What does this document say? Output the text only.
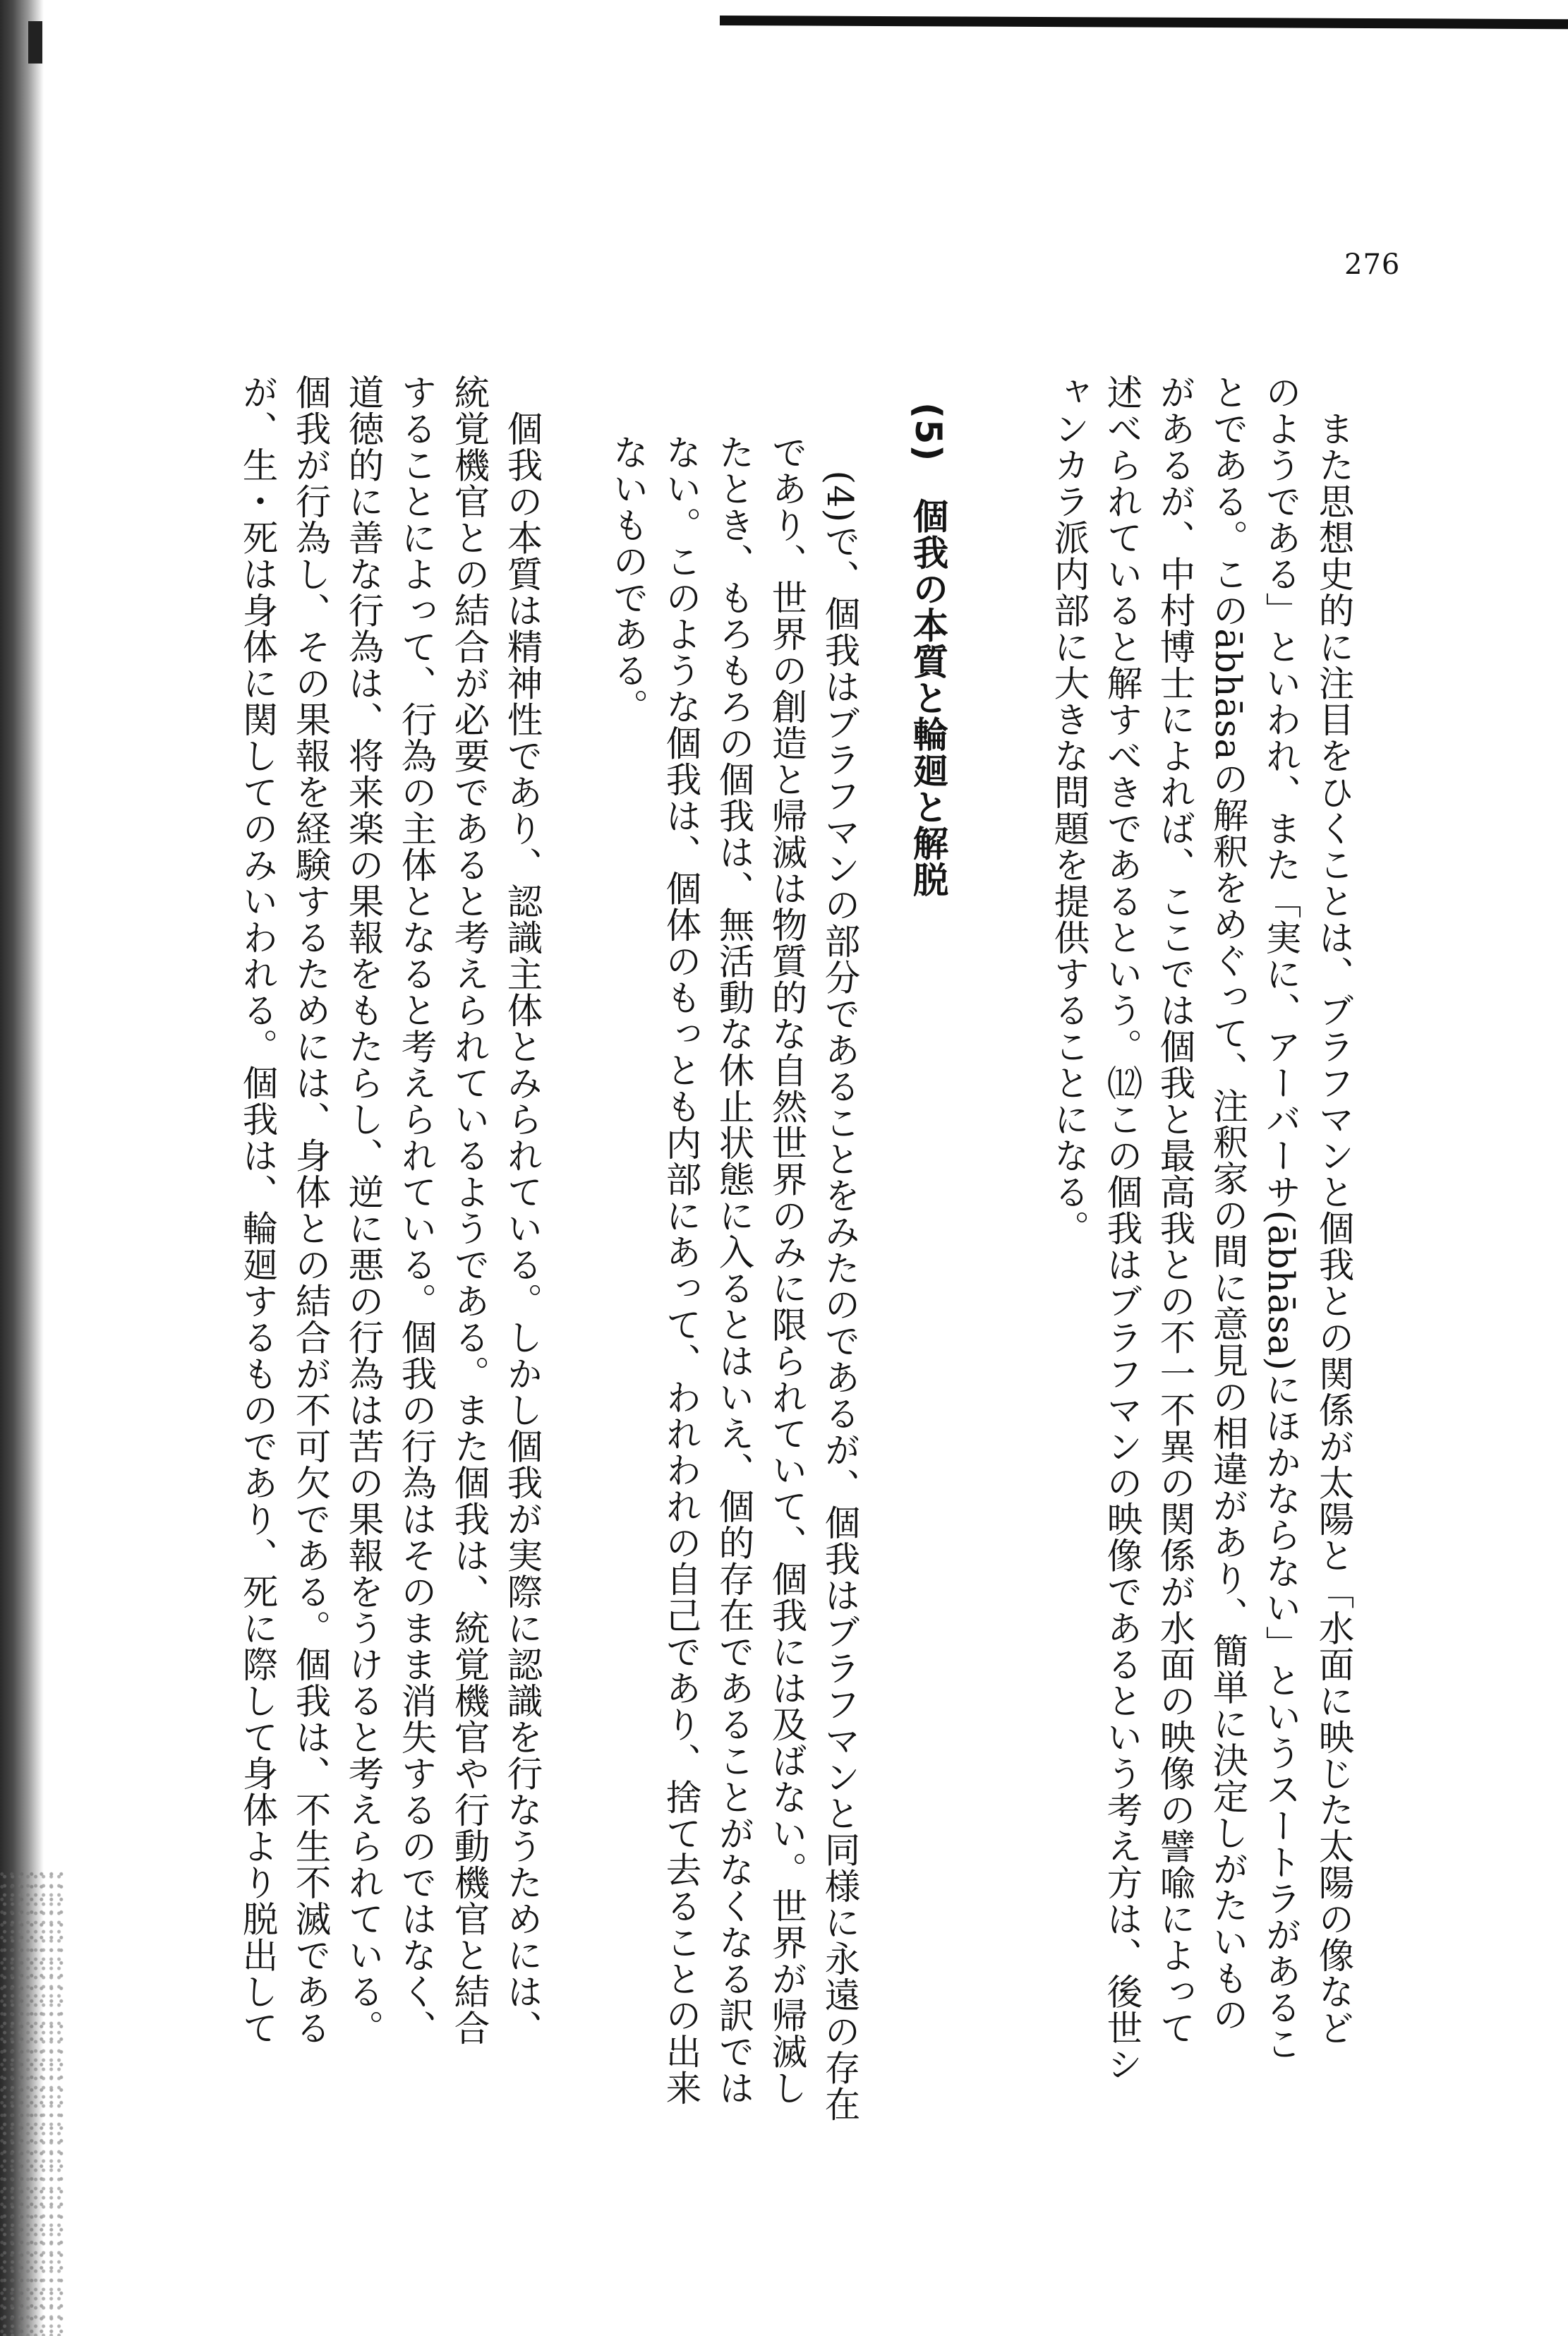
276
　また思想史的に注目をひくことは、ブラフマンと個我との関係が太陽と「水面に映じた太陽の像など
のようである」といわれ、また「実に、アーバーサ(ābhāsa)にほかならない」というスートラがあるこ
とである。このābhāsaの解釈をめぐって、注釈家の間に意見の相違があり、簡単に決定しがたいもの
があるが、中村博士によれば、ここでは個我と最高我との不一不異の関係が水面の映像の譬喩によって
述べられていると解すべきであるという。⑿この個我はブラフマンの映像であるという考え方は、後世シ
ャンカラ派内部に大きな問題を提供することになる。
(5)　個我の本質と輪廻と解脱
　(4)で、個我はブラフマンの部分であることをみたのであるが、個我はブラフマンと同様に永遠の存在
であり、世界の創造と帰滅は物質的な自然世界のみに限られていて、個我には及ばない。世界が帰滅し
たとき、もろもろの個我は、無活動な休止状態に入るとはいえ、個的存在であることがなくなる訳では
ない。このような個我は、個体のもっとも内部にあって、われわれの自己であり、捨て去ることの出来
ないものである。
　個我の本質は精神性であり、認識主体とみられている。しかし個我が実際に認識を行なうためには、
統覚機官との結合が必要であると考えられているようである。また個我は、統覚機官や行動機官と結合
することによって、行為の主体となると考えられている。個我の行為はそのまま消失するのではなく、
道徳的に善な行為は、将来楽の果報をもたらし、逆に悪の行為は苦の果報をうけると考えられている。
個我が行為し、その果報を経験するためには、身体との結合が不可欠である。個我は、不生不滅である
が、生・死は身体に関してのみいわれる。個我は、輪廻するものであり、死に際して身体より脱出して
